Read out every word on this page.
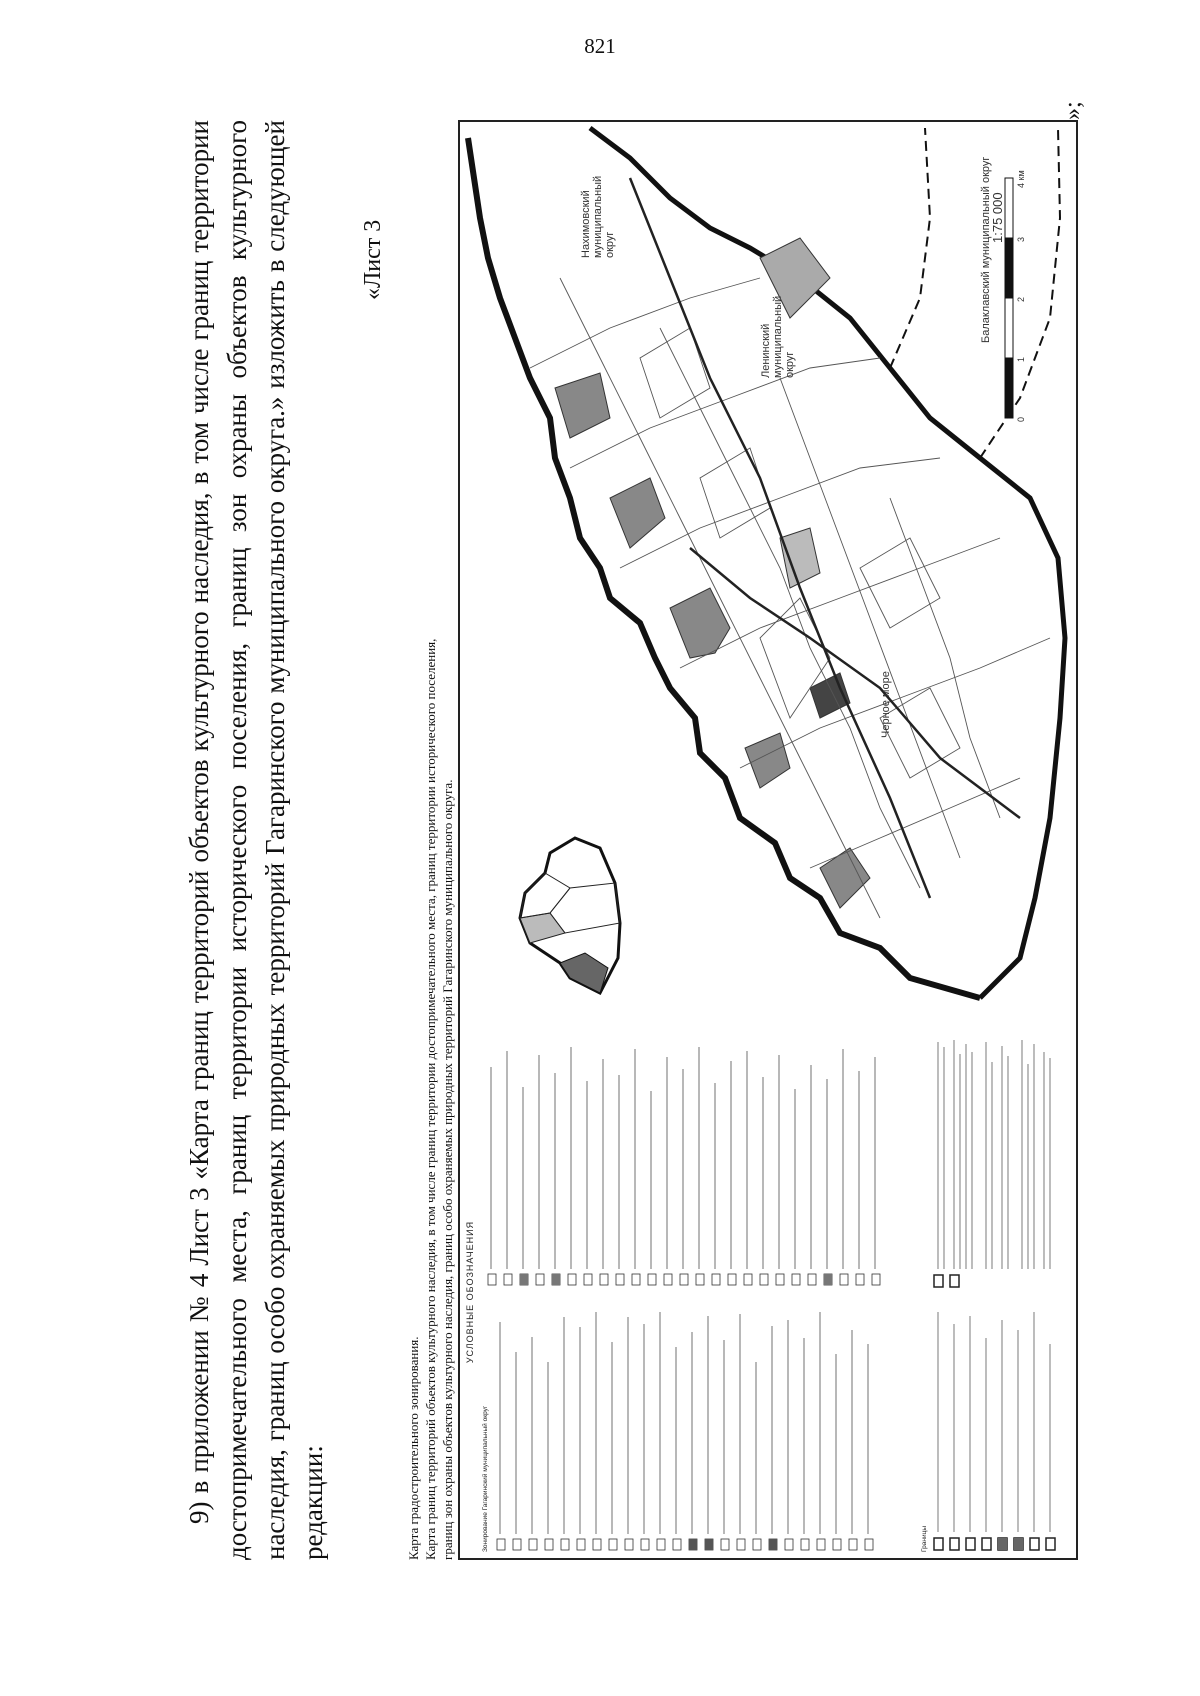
821

9) в приложении № 4 Лист 3 «Карта границ территорий объектов культурного наследия, в том числе границ территории достопримечательного места, границ территории исторического поселения, границ зон охраны объектов культурного наследия, границ особо охраняемых природных территорий Гагаринского муниципального округа.» изложить в следующей редакции:

«Лист 3
Карта градостроительного зонирования. Карта границ территорий объектов культурного наследия, в том числе границ территории достопримечательного места, границ территории исторического поселения, границ зон охраны объектов культурного наследия, границ особо охраняемых природных территорий Гагаринского муниципального округа. УСЛОВНЫЕ ОБОЗНАЧЕНИЯ
Зонирование Гагаринский муниципальный округ	Границы
Черное море
Нахимовский муниципальный округ
Ленинский муниципальный округ
Балаклавский муниципальный округ
1:75 000
0
1
2
3
4 км
»;
